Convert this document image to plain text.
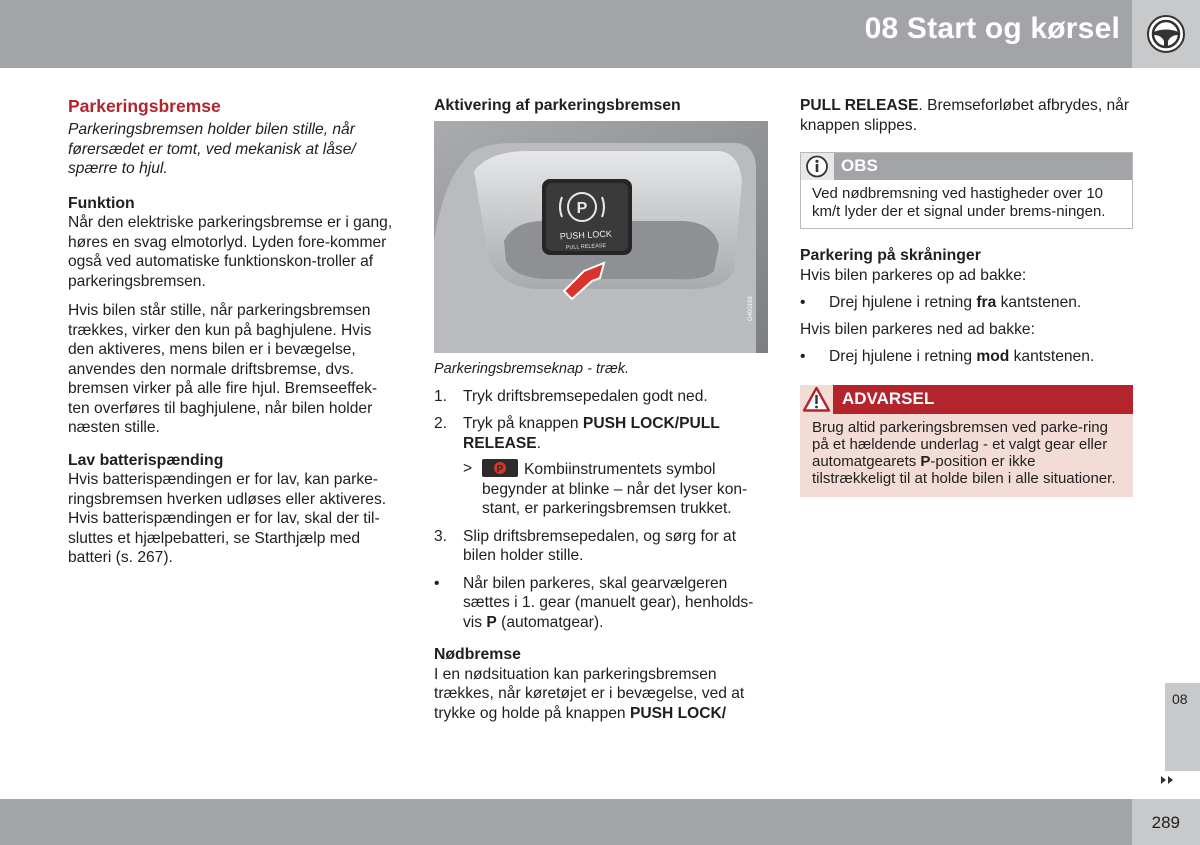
08 Start og kørsel
Parkeringsbremse

Parkeringsbremsen holder bilen stille, når førersædet er tomt, ved mekanisk at låse/ spærre to hjul.

Funktion

Når den elektriske parkeringsbremse er i gang, høres en svag elmotorlyd. Lyden fore-kommer også ved automatiske funktionskon-troller af parkeringsbremsen.

Hvis bilen står stille, når parkeringsbremsen trækkes, virker den kun på baghjulene. Hvis den aktiveres, mens bilen er i bevægelse, anvendes den normale driftsbremse, dvs. bremsen virker på alle fire hjul. Bremseeffek-ten overføres til baghjulene, når bilen holder næsten stille.

Lav batterispænding

Hvis batterispændingen er for lav, kan parke-ringsbremsen hverken udløses eller aktiveres. Hvis batterispændingen er for lav, skal der til-sluttes et hjælpebatteri, se Starthjælp med batteri (s. 267).

Aktivering af parkeringsbremsen
P
PUSH LOCK
PULL RELEASE
G400198

Parkeringsbremseknap - træk.

1. Tryk driftsbremsepedalen godt ned.
2. Tryk på knappen PUSH LOCK/PULL RELEASE.
> P Kombiinstrumentets symbol begynder at blinke – når det lyser kon-stant, er parkeringsbremsen trukket.
3. Slip driftsbremsepedalen, og sørg for at bilen holder stille.
• Når bilen parkeres, skal gearvælgeren sættes i 1. gear (manuelt gear), henholds-vis P (automatgear).
Nødbremse

I en nødsituation kan parkeringsbremsen trækkes, når køretøjet er i bevægelse, ved at trykke og holde på knappen PUSH LOCK/

PULL RELEASE. Bremseforløbet afbrydes, når knappen slippes.

OBS
Ved nødbremsning ved hastigheder over 10 km/t lyder der et signal under brems-ningen.
Parkering på skråninger

Hvis bilen parkeres op ad bakke:

• Drej hjulene i retning fra kantstenen.

Hvis bilen parkeres ned ad bakke:

• Drej hjulene i retning mod kantstenen.
ADVARSEL
Brug altid parkeringsbremsen ved parke-ring på et hældende underlag - et valgt gear eller automatgearets P-position er ikke tilstrækkeligt til at holde bilen i alle situationer.
08
289
